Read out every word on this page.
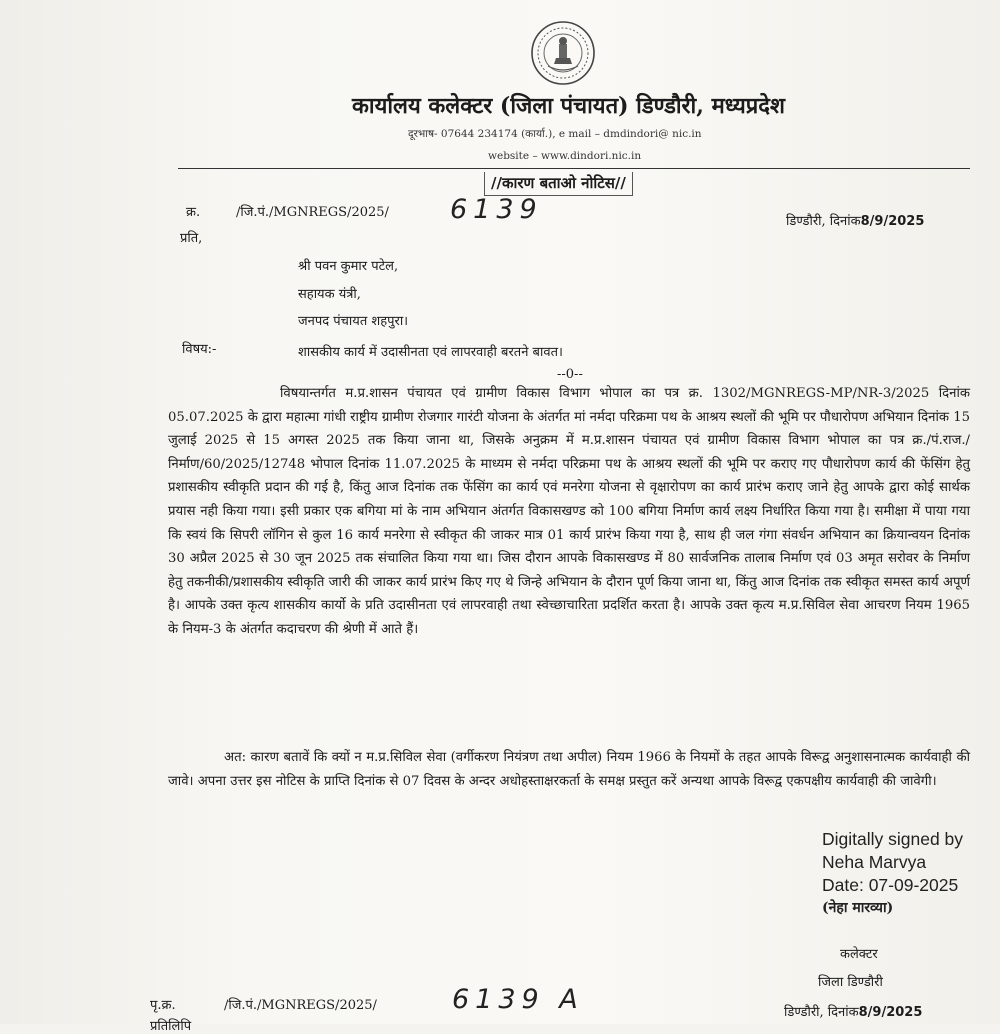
कार्यालय कलेक्टर (जिला पंचायत) डिण्डौरी, मध्यप्रदेश
दूरभाष- 07644 234174 (कार्या.), e mail – dmdindori@ nic.in
website – www.dindori.nic.in
//कारण बताओ नोटिस//
क्र.	/जि.पं./MGNREGS/2025/ 6139	डिण्डौरी, दिनांक8/9/2025
प्रति,
श्री पवन कुमार पटेल,
सहायक यंत्री,
जनपद पंचायत शहपुरा।
विषय:-	शासकीय कार्य में उदासीनता एवं लापरवाही बरतने बावत।
--0--
विषयान्तर्गत म.प्र.शासन पंचायत एवं ग्रामीण विकास विभाग भोपाल का पत्र क्र. 1302/MGNREGS-MP/NR-3/2025 दिनांक 05.07.2025 के द्वारा महात्मा गांधी राष्ट्रीय ग्रामीण रोजगार गारंटी योजना के अंतर्गत मां नर्मदा परिक्रमा पथ के आश्रय स्थलों की भूमि पर पौधारोपण अभियान दिनांक 15 जुलाई 2025 से 15 अगस्त 2025 तक किया जाना था, जिसके अनुक्रम में म.प्र.शासन पंचायत एवं ग्रामीण विकास विभाग भोपाल का पत्र क्र./पं.राज./निर्माण/60/2025/12748 भोपाल दिनांक 11.07.2025 के माध्यम से नर्मदा परिक्रमा पथ के आश्रय स्थलों की भूमि पर कराए गए पौधारोपण कार्य की फेंसिंग हेतु प्रशासकीय स्वीकृति प्रदान की गई है, किंतु आज दिनांक तक फेंसिंग का कार्य एवं मनरेगा योजना से वृक्षारोपण का कार्य प्रारंभ कराए जाने हेतु आपके द्वारा कोई सार्थक प्रयास नही किया गया। इसी प्रकार एक बगिया मां के नाम अभियान अंतर्गत विकासखण्ड को 100 बगिया निर्माण कार्य लक्ष्य निर्धारित किया गया है। समीक्षा में पाया गया कि स्वयं कि सिपरी लॉगिन से कुल 16 कार्य मनरेगा से स्वीकृत की जाकर मात्र 01 कार्य प्रारंभ किया गया है, साथ ही जल गंगा संवर्धन अभियान का क्रियान्वयन दिनांक 30 अप्रैल 2025 से 30 जून 2025 तक संचालित किया गया था। जिस दौरान आपके विकासखण्ड में 80 सार्वजनिक तालाब निर्माण एवं 03 अमृत सरोवर के निर्माण हेतु तकनीकी/प्रशासकीय स्वीकृति जारी की जाकर कार्य प्रारंभ किए गए थे जिन्हे अभियान के दौरान पूर्ण किया जाना था, किंतु आज दिनांक तक स्वीकृत समस्त कार्य अपूर्ण है। आपके उक्त कृत्य शासकीय कार्यो के प्रति उदासीनता एवं लापरवाही तथा स्वेच्छाचारिता प्रदर्शित करता है। आपके उक्त कृत्य म.प्र.सिविल सेवा आचरण नियम 1965 के नियम-3 के अंतर्गत कदाचरण की श्रेणी में आते हैं।
अत: कारण बतावें कि क्यों न म.प्र.सिविल सेवा (वर्गीकरण नियंत्रण तथा अपील) नियम 1966 के नियमों के तहत आपके विरूद्व अनुशासनात्मक कार्यवाही की जावे। अपना उत्तर इस नोटिस के प्राप्ति दिनांक से 07 दिवस के अन्दर अधोहस्ताक्षरकर्ता के समक्ष प्रस्तुत करें अन्यथा आपके विरूद्व एकपक्षीय कार्यवाही की जावेगी।
Digitally signed by
Neha Marvya
Date: 07-09-2025
(नेहा मारव्या)
कलेक्टर
जिला डिण्डौरी
पृ.क्र.	/जि.पं./MGNREGS/2025/	6139 A	डिण्डौरी, दिनांक8/9/2025
प्रतिलिपि
